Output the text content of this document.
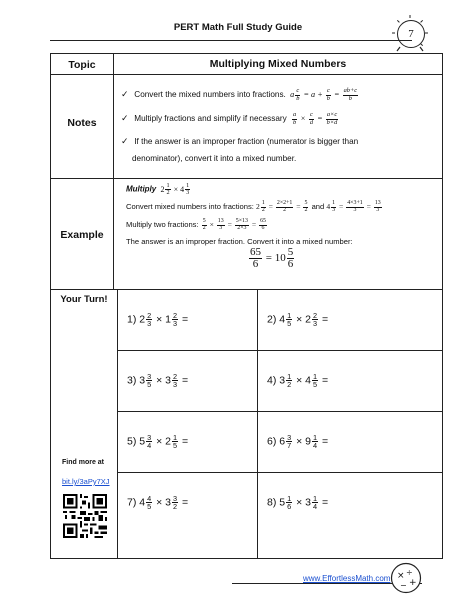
PERT Math Full Study Guide
7
Topic	Multiplying Mixed Numbers
Notes
✓ Convert the mixed numbers into fractions.  a $\frac{c}{b} = a + \frac{c}{b} = \frac{ab+c}{b}$
✓ Multiply fractions and simplify if necessary $\frac{a}{b} \times \frac{c}{d} = \frac{a\times c}{b\times d}$
✓ If the answer is an improper fraction (numerator is bigger than
denominator), convert it into a mixed number.
Example
Multiply  $2 \frac{1}{2} \times 4 \frac{1}{3}$
Convert mixed numbers into fractions: $2 \frac{1}{2} = \frac{2\times 2+1}{2} = \frac{5}{2}$ and $4 \frac{1}{3} = \frac{4\times 3+1}{3} = \frac{13}{3}$
Multiply two fractions: $\frac{5}{2} \times \frac{13}{3} = \frac{5\times 13}{2\times 3} = \frac{65}{6}$
The answer is an improper fraction. Convert it into a mixed number:
$\frac{65}{6} = 10 \frac{5}{6}$
Your Turn!
Find more at
bit.ly/3aPy7XJ
1) $2 \frac{2}{3} \times 1 \frac{2}{3}$ =	2) $4 \frac{1}{5} \times 2 \frac{2}{3}$ =
3) $3 \frac{3}{5} \times 3 \frac{2}{3}$ =	4) $3 \frac{1}{2} \times 4 \frac{1}{5}$ =
5) $5 \frac{3}{4} \times 2 \frac{1}{5}$ =	6) $6 \frac{3}{7} \times 9 \frac{1}{4}$ =
7) $4 \frac{4}{5} \times 3 \frac{3}{2}$ =	8) $5 \frac{1}{6} \times 3 \frac{1}{4}$ =
www.EffortlessMath.com × ÷
+
−
